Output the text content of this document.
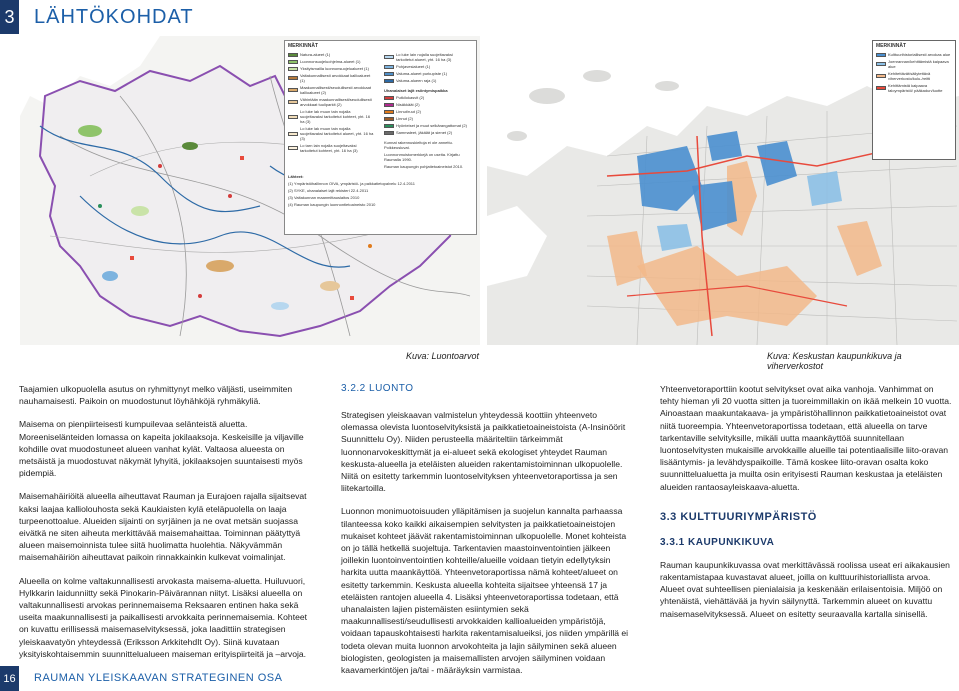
3 LÄHTÖKOHDAT
MERKINNÄT
Natura-alueet (1)
Luonnonsuojeluohjelma-alueet (1)
Yksityismailla luonnonsuojelualueet (1)
Valtakunnallisesti arvokkaat kallioalueet (1)
Maakunnallisesti/seudullisesti arvokkaat kallioalueet (2)
Vähintään maakunnallisesti/seudullisesti arvokkaat tuuliparkit (2)
Lo luke lak muun tain nojalla suojeltavaksi tarkoitetut kohteet, yht. 16 ha (3)
Lo luke lak muun tain nojalla suojeltavaksi tarkoitetut alueet, yht. 16 ha (3)
Lo tarn lain nojalla suojeltavaksi tarkoitetut kohteet, yht. 16 ha (3)
Lo luke lain nojalla suojeltavaksi tarkoitetut alueet, yht. 16 ha (3)
Pohjavesialueet (1)
Valuma-alueet purkupiste (1)
Valuma-alueen raja (1)
Uhanalaiset lajit esiintymispaikka
Putkilokasvit (2)
Nisäkkäät (2)
Linnut/ruut (2)
Linnut (2)
Hyönteiset ja muut selkärangattomat (2)
Sammaleet, jäkälät ja sienet (2)
Kunnat rakennuskieltoja ei ole annettu. Poikkeusluvat.
Luonnonmuistomerkkejä on useita. Kirjattu Raumalla 1990.
Rauman kaupungin pohjatietoaineistot 2010.
Lähteet:
(1) Ympäristöhallinnon OIVA, ympäristö- ja paikkatietopalvelu 12.4.2011
(2) SYKE, uhanalaiset lajit rekisteri 22.4.2011
(3) Valtakunnan maanmittauslaitos 2010
(4) Rauman kaupungin luonnontietoaineisto 2010
MERKINNÄT
Kulttuurihistoriallisesti arvokas alue
Joenrannan/kehittämistä kaipaava alue
Kehitettävät/säilytettävä viherverkosto/kulu-/reitti
Kehittämistä kaipaava taloympäristö/ pääkadun/luotte
Kuva: Luontoarvot	Kuva: Keskustan kaupunkikuva ja viherverkostot

Taajamien ulkopuolella asutus on ryhmittynyt melko väljästi, useimmiten nauhamaisesti. Paikoin on muodostunut löyhähköjä ryhmäkyliä.

Maisema on pienpiirteisesti kumpuilevaa selänteistä aluetta. Moreeniselänteiden lomassa on kapeita jokilaaksoja. Keskeisille ja viljaville kohdille ovat muodostuneet alueen vanhat kylät. Valtaosa alueesta on metsäistä ja muodostuvat näkymät lyhyitä, jokilaaksojen suuntaisesti myös pidempiä.

Maisemahäiriöitä alueella aiheuttavat Rauman ja Eurajoen rajalla sijaitsevat kaksi laajaa kalliolouhosta sekä Kaukiaisten kylä eteläpuolella on laaja turpeenottoalue. Alueiden sijainti on syrjäinen ja ne ovat metsän suojassa eivätkä ne siten aiheuta merkittävää maisemahaittaa. Toiminnan päätyttyä alueen maisemoinnista tulee siitä huolimatta huolehtia. Näkyvämmän maisemahäiriön aiheuttavat paikoin rinnakkainkin kulkevat voimalinjat.

Alueella on kolme valtakunnallisesti arvokasta maisema-aluetta. Huiluvuori, Hylkkarin laidunniitty sekä Pinokarin-Päivärannan niityt. Lisäksi alueella on valtakunnallisesti arvokas perinnemaisema Reksaaren entinen haka sekä useita maakunnallisesti ja paikallisesti arvokkaita perinnemaisemia. Kohteet on kuvattu erillisessä maisemaselvityksessä, joka laadittiin strategisen yleiskaavatyön yhteydessä (Eriksson ArkkitehdIt Oy). Siinä kuvataan yksityiskohtaisemmin suunnittelualueen maiseman erityispiirteitä ja –arvoja.

3.2.2 LUONTO

Strategisen yleiskaavan valmistelun yhteydessä koottiin yhteenveto olemassa olevista luontoselvityksistä ja paikkatietoaineistoista (A-Insinöörit Suunnittelu Oy). Niiden perusteella määriteltiin tärkeimmät luonnonarvokeskittymät ja ei-alueet sekä ekologiset yhteydet Rauman keskusta-alueella ja eteläisten alueiden rakentamistoiminnan ulkopuolelle. Niitä on esitetty tarkemmin luontoselvityksen yhteenvetoraportissa ja sen liitekartoilla.

Luonnon monimuotoisuuden ylläpitämisen ja suojelun kannalta parhaassa tilanteessa koko kaikki aikaisempien selvitysten ja paikkatietoaineistojen mukaiset kohteet jäävät rakentamistoiminnan ulkopuolelle. Monet kohteista on jo tällä hetkellä suojeltuja. Tarkentavien maastoinventointien jälkeen joillekin luontoinventointien kohteille/alueille voidaan tietyin edellytyksin harkita uutta maankäyttöä. Yhteenvetoraportissa nämä kohteet/alueet on esitetty tarkemmin. Keskusta alueella kohteita sijaitsee yhteensä 17 ja eteläisten rantojen alueella 4. Lisäksi yhteenvetoraportissa todetaan, että uhanalaisten lajien pistemäisten esiintymien sekä maakunnallisesti/seudullisesti arvokkaiden kallioalueiden ympäristöjä, voidaan tapauskohtaisesti harkita rakentamisalueiksi, jos niiden ympärillä ei todeta olevan muita luonnon arvokohteita ja lajin säilyminen sekä alueen biologisten, geologisten ja maisemallisten arvojen säilyminen voidaan kaavamerkintöjen ja/tai - määräyksin varmistaa.

Yhteenvetoraporttiin kootut selvitykset ovat aika vanhoja. Vanhimmat on tehty hieman yli 20 vuotta sitten ja tuoreimmillakin on ikää melkein 10 vuotta. Ainoastaan maakuntakaava- ja ympäristöhallinnon paikkatietoaineistot ovat niitä tuoreempia. Yhteenvetoraportissa todetaan, että alueella on tarve tarkentaville selvityksille, mikäli uutta maankäyttöä suunnitellaan luontoselvitysten mukaisille arvokkaille alueille tai potentiaalisille liito-oravan lisääntymis- ja levähdyspaikoille. Tämä koskee liito-oravan osalta koko suunnittelualuetta ja muilta osin erityisesti Rauman keskustaa ja eteläisten alueiden rantaosayleiskaava-aluetta.

3.3 KULTTUURIYMPÄRISTÖ
3.3.1 KAUPUNKIKUVA

Rauman kaupunkikuvassa ovat merkittävässä roolissa useat eri aikakausien rakentamistapaa kuvastavat alueet, joilla on kulttuurihistoriallista arvoa. Alueet ovat suhteellisen pienialaisia ja keskenään erilaisentoisia. Miljöö on yhtenäistä, viehättävää ja hyvin säilynyttä. Tarkemmin alueet on kuvattu maisemaselvityksessä. Alueet on esitetty seuraavalla kartalla sinisellä.

16	RAUMAN YLEISKAAVAN STRATEGINEN OSA
